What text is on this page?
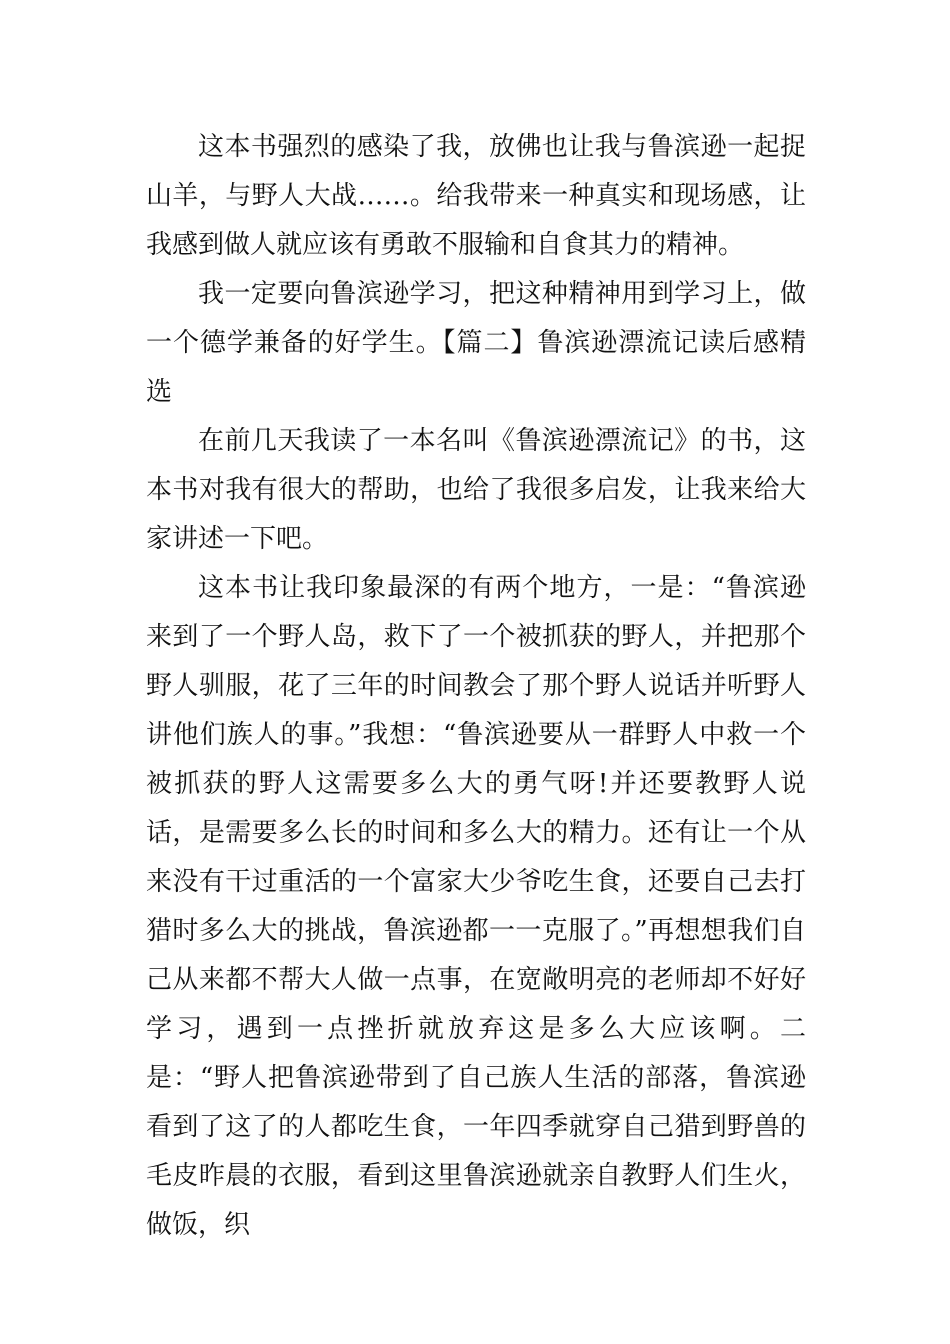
这本书强烈的感染了我，放佛也让我与鲁滨逊一起捉山羊，与野人大战……。给我带来一种真实和现场感，让我感到做人就应该有勇敢不服输和自食其力的精神。

我一定要向鲁滨逊学习，把这种精神用到学习上，做一个德学兼备的好学生。【篇二】鲁滨逊漂流记读后感精选

在前几天我读了一本名叫《鲁滨逊漂流记》的书，这本书对我有很大的帮助，也给了我很多启发，让我来给大家讲述一下吧。

这本书让我印象最深的有两个地方，一是：“鲁滨逊来到了一个野人岛，救下了一个被抓获的野人，并把那个野人驯服，花了三年的时间教会了那个野人说话并听野人讲他们族人的事。”我想：“鲁滨逊要从一群野人中救一个被抓获的野人这需要多么大的勇气呀!并还要教野人说话，是需要多么长的时间和多么大的精力。还有让一个从来没有干过重活的一个富家大少爷吃生食，还要自己去打猎时多么大的挑战，鲁滨逊都一一克服了。”再想想我们自己从来都不帮大人做一点事，在宽敞明亮的老师却不好好学习，遇到一点挫折就放弃这是多么大应该啊。二是：“野人把鲁滨逊带到了自己族人生活的部落，鲁滨逊看到了这了的人都吃生食，一年四季就穿自己猎到野兽的毛皮昨晨的衣服，看到这里鲁滨逊就亲自教野人们生火，做饭，织
